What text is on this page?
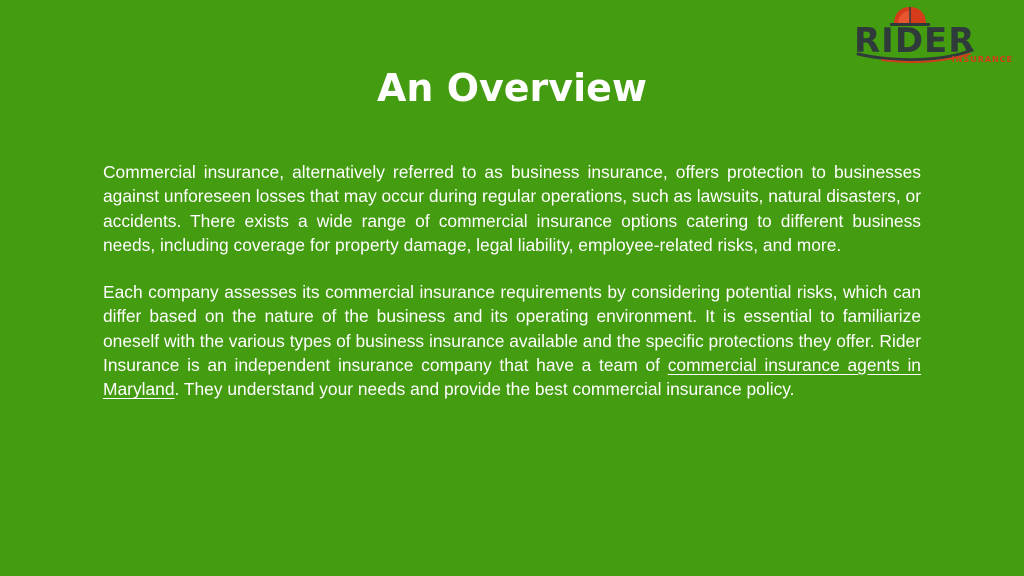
RIDER
INSURANCE
An Overview

Commercial insurance, alternatively referred to as business insurance, offers protection to businesses against unforeseen losses that may occur during regular operations, such as lawsuits, natural disasters, or accidents. There exists a wide range of commercial insurance options catering to different business needs, including coverage for property damage, legal liability, employee-related risks, and more.

Each company assesses its commercial insurance requirements by considering potential risks, which can differ based on the nature of the business and its operating environment. It is essential to familiarize oneself with the various types of business insurance available and the specific protections they offer. Rider Insurance is an independent insurance company that have a team of commercial insurance agents in Maryland. They understand your needs and provide the best commercial insurance policy.
